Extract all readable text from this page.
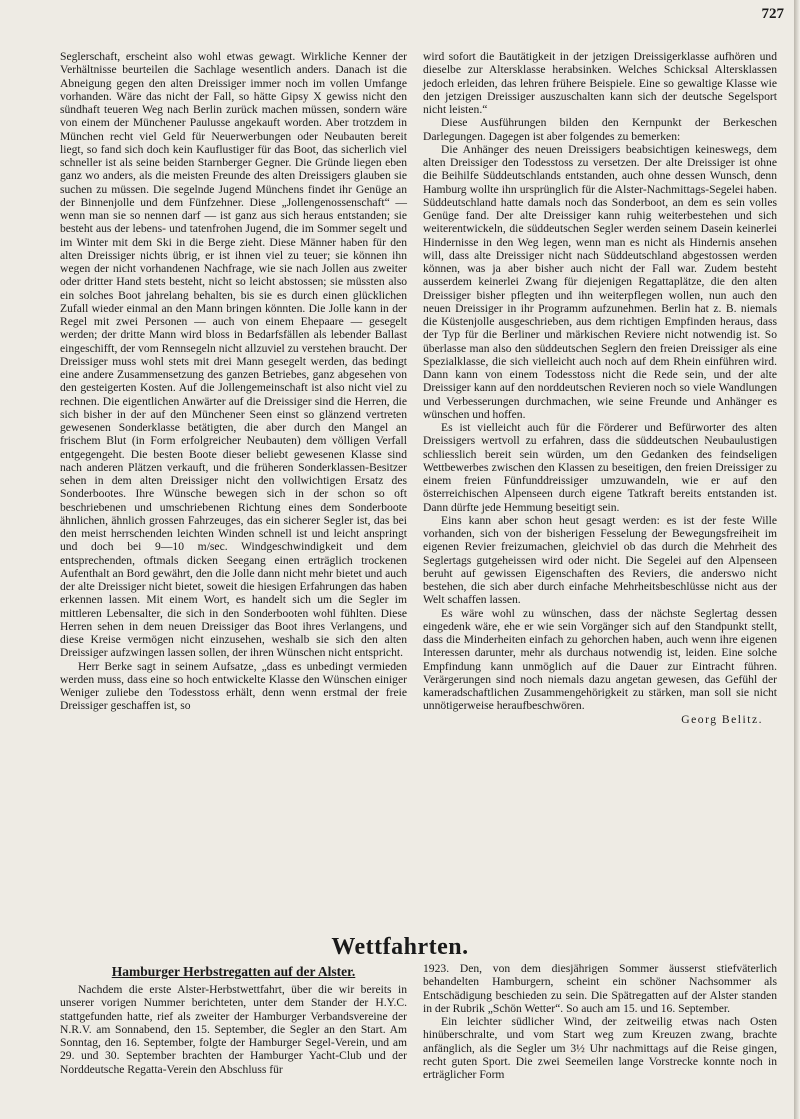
727

Seglerschaft, erscheint also wohl etwas gewagt. Wirkliche Kenner der Verhältnisse beurteilen die Sachlage wesentlich anders. Danach ist die Abneigung gegen den alten Dreissiger immer noch im vollen Umfange vorhanden. Wäre das nicht der Fall, so hätte Gipsy X gewiss nicht den sündhaft teueren Weg nach Berlin zurück machen müssen, sondern wäre von einem der Münchener Paulusse angekauft worden. Aber trotzdem in München recht viel Geld für Neuerwerbungen oder Neubauten bereit liegt, so fand sich doch kein Kauflustiger für das Boot, das sicherlich viel schneller ist als seine beiden Starnberger Gegner. Die Gründe liegen eben ganz wo anders, als die meisten Freunde des alten Dreissigers glauben sie suchen zu müssen. Die segelnde Jugend Münchens findet ihr Genüge an der Binnenjolle und dem Fünfzehner. Diese „Jollengenossenschaft“ — wenn man sie so nennen darf — ist ganz aus sich heraus entstanden; sie besteht aus der lebens- und tatenfrohen Jugend, die im Sommer segelt und im Winter mit dem Ski in die Berge zieht. Diese Männer haben für den alten Dreissiger nichts übrig, er ist ihnen viel zu teuer; sie können ihn wegen der nicht vorhandenen Nachfrage, wie sie nach Jollen aus zweiter oder dritter Hand stets besteht, nicht so leicht abstossen; sie müssten also ein solches Boot jahrelang behalten, bis sie es durch einen glücklichen Zufall wieder einmal an den Mann bringen könnten. Die Jolle kann in der Regel mit zwei Personen — auch von einem Ehepaare — gesegelt werden; der dritte Mann wird bloss in Bedarfsfällen als lebender Ballast eingeschifft, der vom Rennsegeln nicht allzuviel zu verstehen braucht. Der Dreissiger muss wohl stets mit drei Mann gesegelt werden, das bedingt eine andere Zusammensetzung des ganzen Betriebes, ganz abgesehen von den gesteigerten Kosten. Auf die Jollengemeinschaft ist also nicht viel zu rechnen. Die eigentlichen Anwärter auf die Dreissiger sind die Herren, die sich bisher in der auf den Münchener Seen einst so glänzend vertreten gewesenen Sonderklasse betätigten, die aber durch den Mangel an frischem Blut (in Form erfolgreicher Neubauten) dem völligen Verfall entgegengeht. Die besten Boote dieser beliebt gewesenen Klasse sind nach anderen Plätzen verkauft, und die früheren Sonderklassen-Besitzer sehen in dem alten Dreissiger nicht den vollwichtigen Ersatz des Sonderbootes. Ihre Wünsche bewegen sich in der schon so oft beschriebenen und umschriebenen Richtung eines dem Sonderboote ähnlichen, ähnlich grossen Fahrzeuges, das ein sicherer Segler ist, das bei den meist herrschenden leichten Winden schnell ist und leicht anspringt und doch bei 9—10 m/sec. Windgeschwindigkeit und dem entsprechenden, oftmals dicken Seegang einen erträglich trockenen Aufenthalt an Bord gewährt, den die Jolle dann nicht mehr bietet und auch der alte Dreissiger nicht bietet, soweit die hiesigen Erfahrungen das haben erkennen lassen. Mit einem Wort, es handelt sich um die Segler im mittleren Lebensalter, die sich in den Sonderbooten wohl fühlten. Diese Herren sehen in dem neuen Dreissiger das Boot ihres Verlangens, und diese Kreise vermögen nicht einzusehen, weshalb sie sich den alten Dreissiger aufzwingen lassen sollen, der ihren Wünschen nicht entspricht.

Herr Berke sagt in seinem Aufsatze, „dass es unbedingt vermieden werden muss, dass eine so hoch entwickelte Klasse den Wünschen einiger Weniger zuliebe den Todesstoss erhält, denn wenn erstmal der freie Dreissiger geschaffen ist, so

wird sofort die Bautätigkeit in der jetzigen Dreissigerklasse aufhören und dieselbe zur Altersklasse herabsinken. Welches Schicksal Altersklassen jedoch erleiden, das lehren frühere Beispiele. Eine so gewaltige Klasse wie den jetzigen Dreissiger auszuschalten kann sich der deutsche Segelsport nicht leisten.“

Diese Ausführungen bilden den Kernpunkt der Berkeschen Darlegungen. Dagegen ist aber folgendes zu bemerken:

Die Anhänger des neuen Dreissigers beabsichtigen keineswegs, dem alten Dreissiger den Todesstoss zu versetzen. Der alte Dreissiger ist ohne die Beihilfe Süddeutschlands entstanden, auch ohne dessen Wunsch, denn Hamburg wollte ihn ursprünglich für die Alster-Nachmittags-Segelei haben. Süddeutschland hatte damals noch das Sonderboot, an dem es sein volles Genüge fand. Der alte Dreissiger kann ruhig weiterbestehen und sich weiterentwickeln, die süddeutschen Segler werden seinem Dasein keinerlei Hindernisse in den Weg legen, wenn man es nicht als Hindernis ansehen will, dass alte Dreissiger nicht nach Süddeutschland abgestossen werden können, was ja aber bisher auch nicht der Fall war. Zudem besteht ausserdem keinerlei Zwang für diejenigen Regattaplätze, die den alten Dreissiger bisher pflegten und ihn weiterpflegen wollen, nun auch den neuen Dreissiger in ihr Programm aufzunehmen. Berlin hat z. B. niemals die Küstenjolle ausgeschrieben, aus dem richtigen Empfinden heraus, dass der Typ für die Berliner und märkischen Reviere nicht notwendig ist. So überlasse man also den süddeutschen Seglern den freien Dreissiger als eine Spezialklasse, die sich vielleicht auch noch auf dem Rhein einführen wird. Dann kann von einem Todesstoss nicht die Rede sein, und der alte Dreissiger kann auf den norddeutschen Revieren noch so viele Wandlungen und Verbesserungen durchmachen, wie seine Freunde und Anhänger es wünschen und hoffen.

Es ist vielleicht auch für die Förderer und Befürworter des alten Dreissigers wertvoll zu erfahren, dass die süddeutschen Neubaulustigen schliesslich bereit sein würden, um den Gedanken des feindseligen Wettbewerbes zwischen den Klassen zu beseitigen, den freien Dreissiger zu einem freien Fünfunddreissiger umzuwandeln, wie er auf den österreichischen Alpenseen durch eigene Tatkraft bereits entstanden ist. Dann dürfte jede Hemmung beseitigt sein.

Eins kann aber schon heut gesagt werden: es ist der feste Wille vorhanden, sich von der bisherigen Fesselung der Bewegungsfreiheit im eigenen Revier freizumachen, gleichviel ob das durch die Mehrheit des Seglertags gutgeheissen wird oder nicht. Die Segelei auf den Alpenseen beruht auf gewissen Eigenschaften des Reviers, die anderswo nicht bestehen, die sich aber durch einfache Mehrheitsbeschlüsse nicht aus der Welt schaffen lassen.

Es wäre wohl zu wünschen, dass der nächste Seglertag dessen eingedenk wäre, ehe er wie sein Vorgänger sich auf den Standpunkt stellt, dass die Minderheiten einfach zu gehorchen haben, auch wenn ihre eigenen Interessen darunter, mehr als durchaus notwendig ist, leiden. Eine solche Empfindung kann unmöglich auf die Dauer zur Eintracht führen. Verärgerungen sind noch niemals dazu angetan gewesen, das Gefühl der kameradschaftlichen Zusammengehörigkeit zu stärken, man soll sie nicht unnötigerweise heraufbeschwören.

Georg Belitz.

Wettfahrten.
Hamburger Herbstregatten auf der Alster.

Nachdem die erste Alster-Herbstwettfahrt, über die wir bereits in unserer vorigen Nummer berichteten, unter dem Stander der H.Y.C. stattgefunden hatte, rief als zweiter der Hamburger Verbandsvereine der N.R.V. am Sonnabend, den 15. September, die Segler an den Start. Am Sonntag, den 16. September, folgte der Hamburger Segel-Verein, und am 29. und 30. September brachten der Hamburger Yacht-Club und der Norddeutsche Regatta-Verein den Abschluss für

1923. Den, von dem diesjährigen Sommer äusserst stiefväterlich behandelten Hamburgern, scheint ein schöner Nachsommer als Entschädigung beschieden zu sein. Die Spätregatten auf der Alster standen in der Rubrik „Schön Wetter“. So auch am 15. und 16. September.

Ein leichter südlicher Wind, der zeitweilig etwas nach Osten hinüberschralte, und vom Start weg zum Kreuzen zwang, brachte anfänglich, als die Segler um 3½ Uhr nachmittags auf die Reise gingen, recht guten Sport. Die zwei Seemeilen lange Vorstrecke konnte noch in erträglicher Form
